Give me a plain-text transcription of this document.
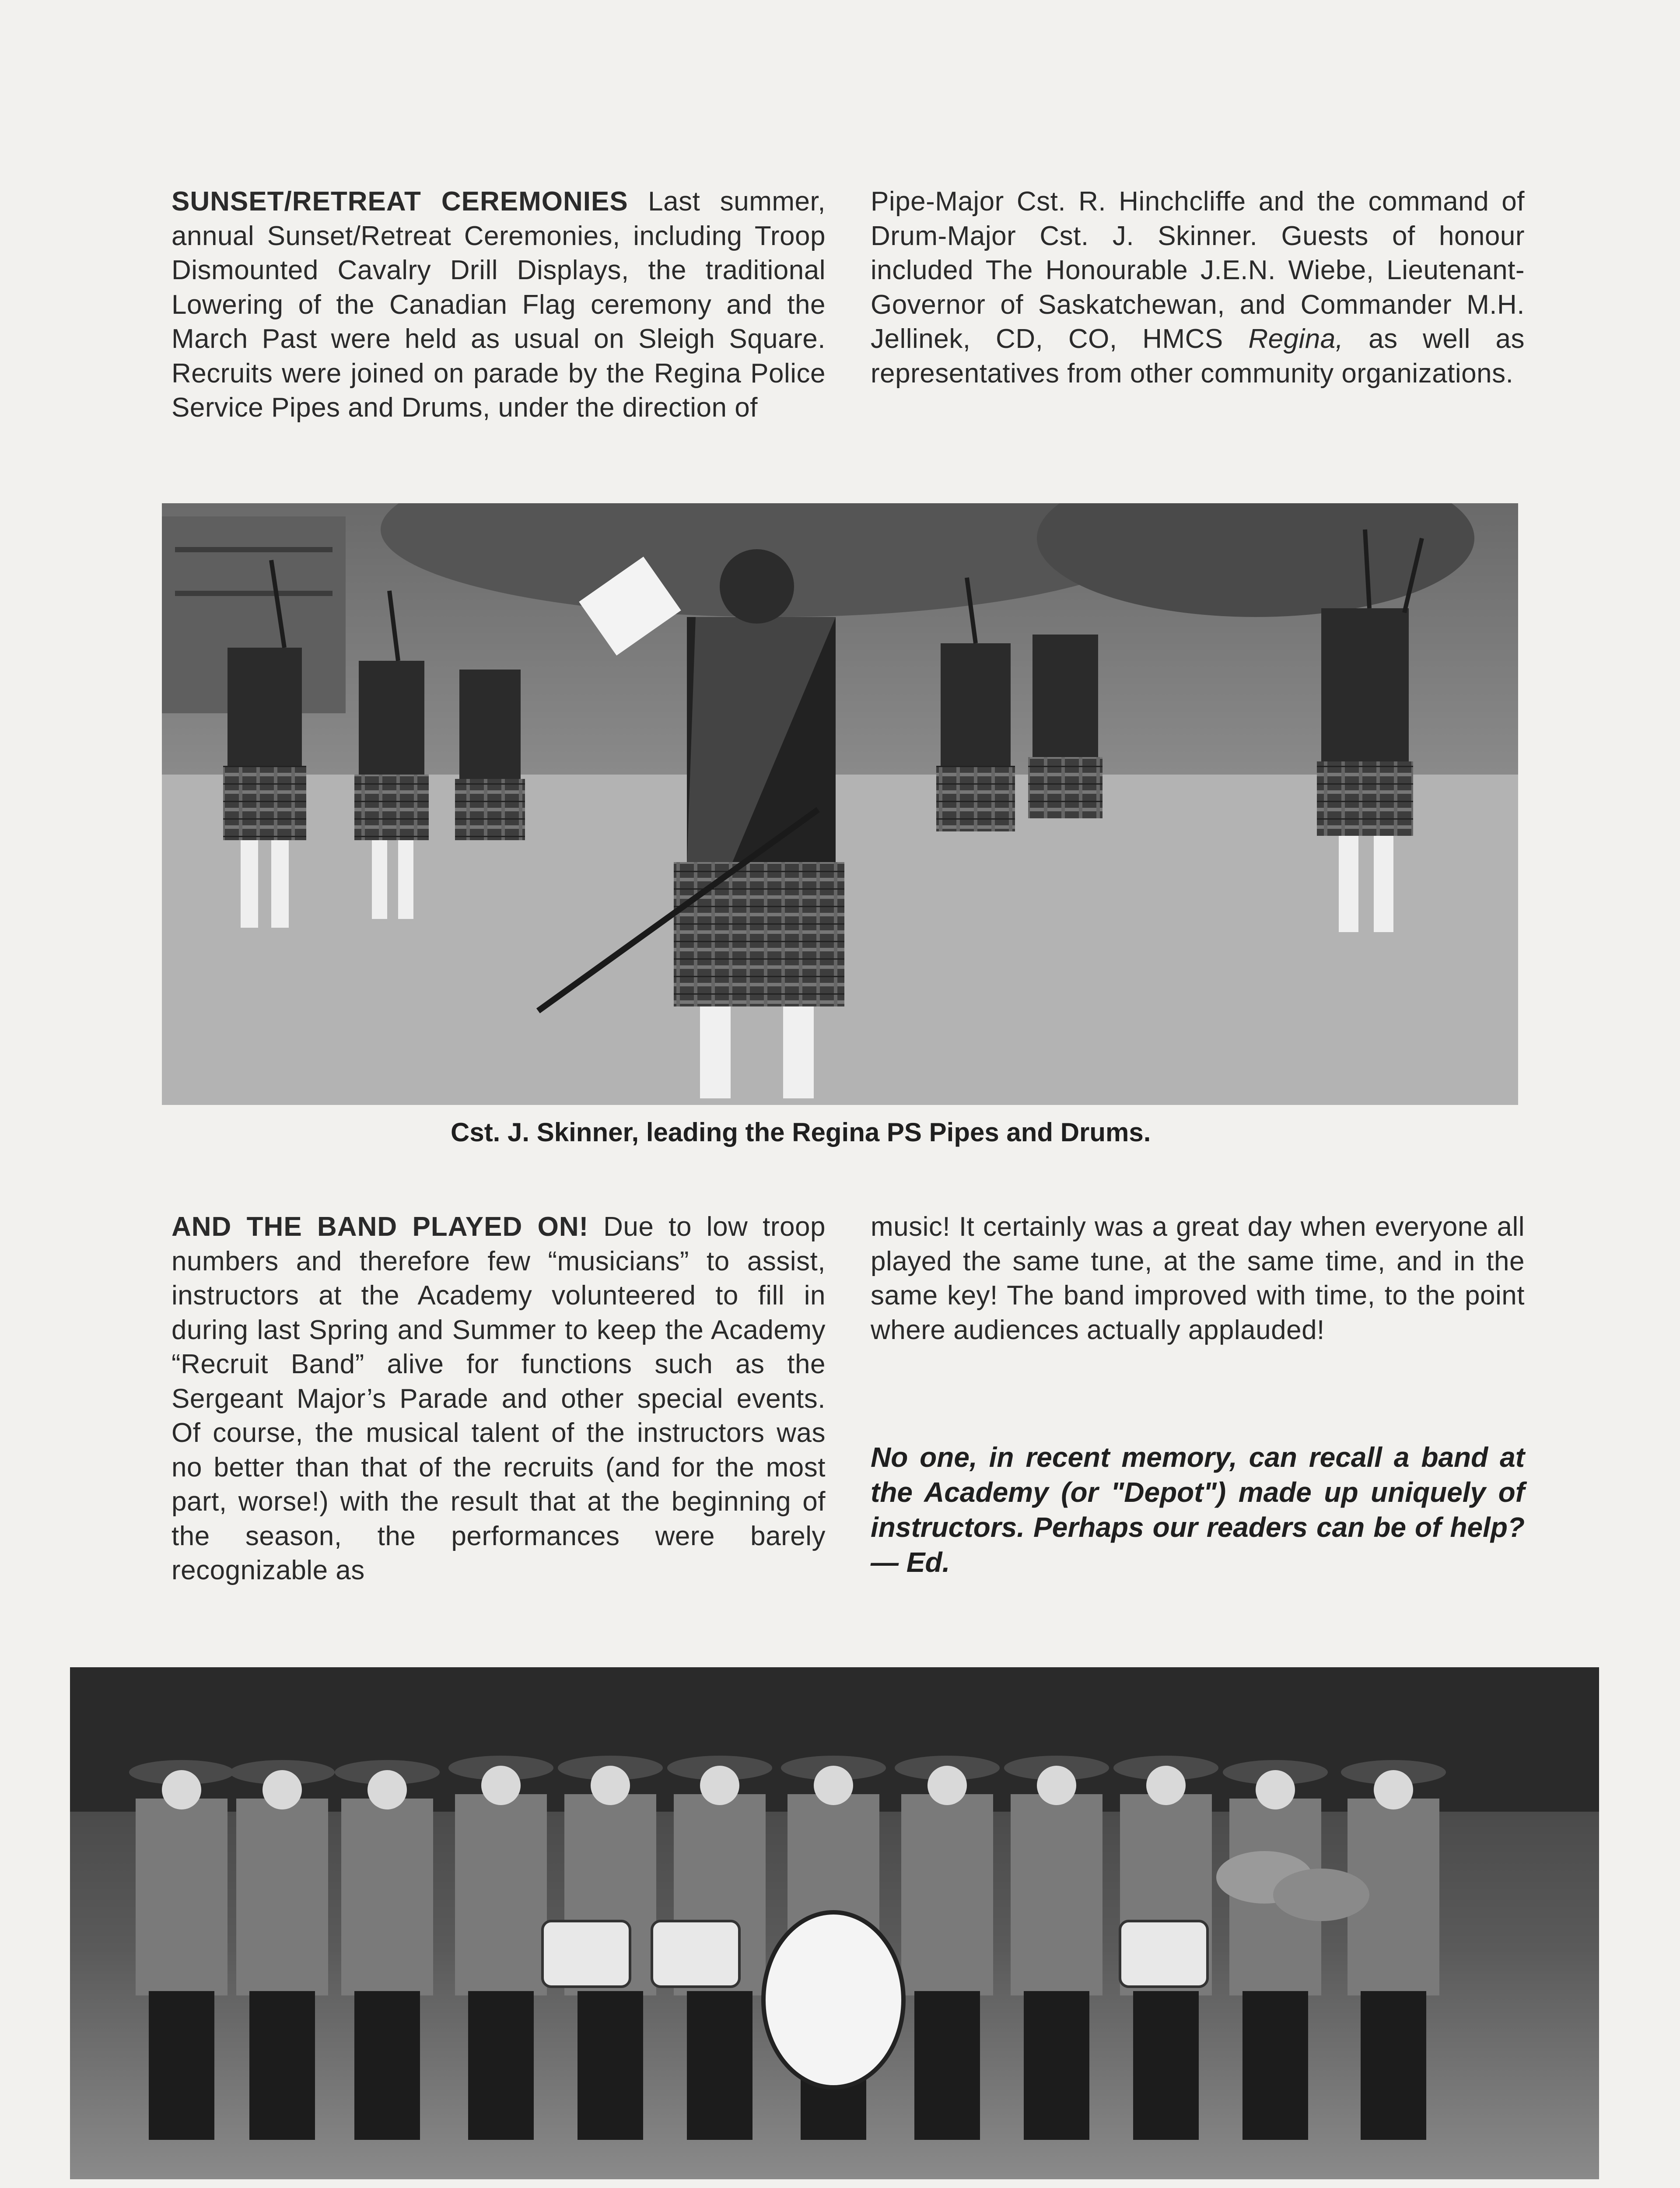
SUNSET/RETREAT CEREMONIES Last summer, annual Sunset/Retreat Ceremonies, including Troop Dismounted Cavalry Drill Displays, the traditional Lowering of the Canadian Flag ceremony and the March Past were held as usual on Sleigh Square. Recruits were joined on parade by the Regina Police Service Pipes and Drums, under the direction of

Pipe-Major Cst. R. Hinchcliffe and the command of Drum-Major Cst. J. Skinner. Guests of honour included The Honourable J.E.N. Wiebe, Lieutenant-Governor of Saskatchewan, and Commander M.H. Jellinek, CD, CO, HMCS Regina, as well as representatives from other community organizations.

Cst. J. Skinner, leading the Regina PS Pipes and Drums.

AND THE BAND PLAYED ON! Due to low troop numbers and therefore few “musicians” to assist, instructors at the Academy volunteered to fill in during last Spring and Summer to keep the Academy “Recruit Band” alive for functions such as the Sergeant Major’s Parade and other special events. Of course, the musical talent of the instructors was no better than that of the recruits (and for the most part, worse!) with the result that at the beginning of the season, the performances were barely recognizable as

music! It certainly was a great day when everyone all played the same tune, at the same time, and in the same key! The band improved with time, to the point where audiences actually applauded!

No one, in recent memory, can recall a band at the Academy (or "Depot") made up uniquely of instructors. Perhaps our readers can be of help? — Ed.
